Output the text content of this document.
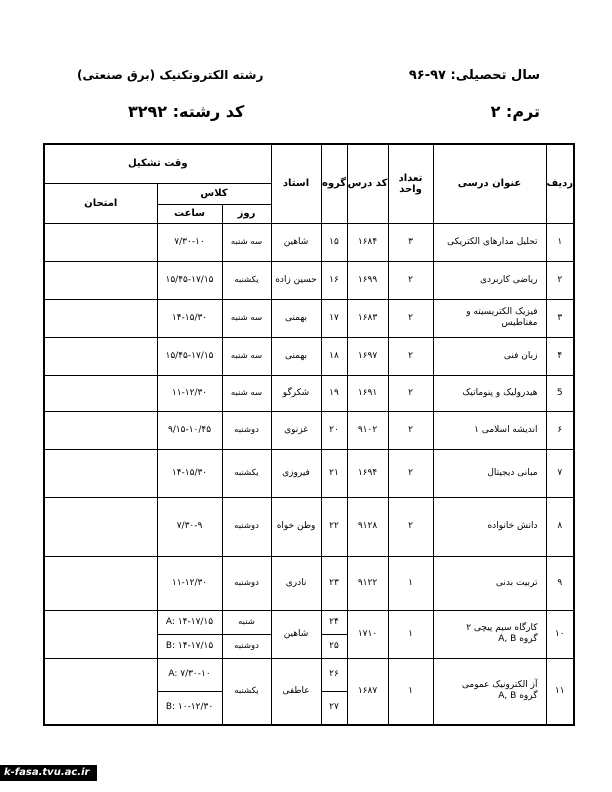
سال تحصیلی: ۹۷-۹۶
رشته الکتروتکنیک (برق صنعتی)
ترم: ۲
کد رشته: ۳۲۹۲
ردیف	عنوان درسی	تعداد واحد	کد درس	گروه	استاد	وقت تشکیل		
						کلاس		امتحان
						روز	ساعت	
۱	تحلیل مدارهای الکتریکی	۳	۱۶۸۴	۱۵	شاهین	سه شنبه	۷/۳۰-۱۰	
۲	ریاضی کاربردی	۲	۱۶۹۹	۱۶	حسین زاده	یکشنبه	۱۵/۴۵-۱۷/۱۵	
۳	فیزیک الکتریسیته و مغناطیس	۲	۱۶۸۳	۱۷	بهمنی	سه شنبه	۱۴-۱۵/۳۰	
۴	زبان فنی	۲	۱۶۹۷	۱۸	بهمنی	سه شنبه	۱۵/۴۵-۱۷/۱۵	
5	هیدرولیک و پنوماتیک	۲	۱۶۹۱	۱۹	شکرگو	سه شنبه	۱۱-۱۲/۳۰	
۶	اندیشه اسلامی ۱	۲	۹۱۰۲	۲۰	غزنوی	دوشنبه	۹/۱۵-۱۰/۴۵	
۷	مبانی دیجیتال	۲	۱۶۹۴	۲۱	فیروزی	یکشنبه	۱۴-۱۵/۳۰	
۸	دانش خانواده	۲	۹۱۲۸	۲۲	وطن خواه	دوشنبه	۷/۳۰-۹	
۹	تربیت بدنی	۱	۹۱۲۲	۲۳	نادری	دوشنبه	۱۱-۱۲/۳۰	
۱۰	کارگاه سیم پیچی ۲
گروه A, B	۱	۱۷۱۰	۲۴	شاهین	شنبه	A: ۱۴-۱۷/۱۵	
				۲۵		دوشنبه	B: ۱۴-۱۷/۱۵	
۱۱	آز الکترونیک عمومی
گروه A, B	۱	۱۶۸۷	۲۶	عاطفی	یکشنبه	A: ۷/۳۰-۱۰	
				۲۷			B: ۱۰-۱۲/۳۰	
k-fasa.tvu.ac.ir
